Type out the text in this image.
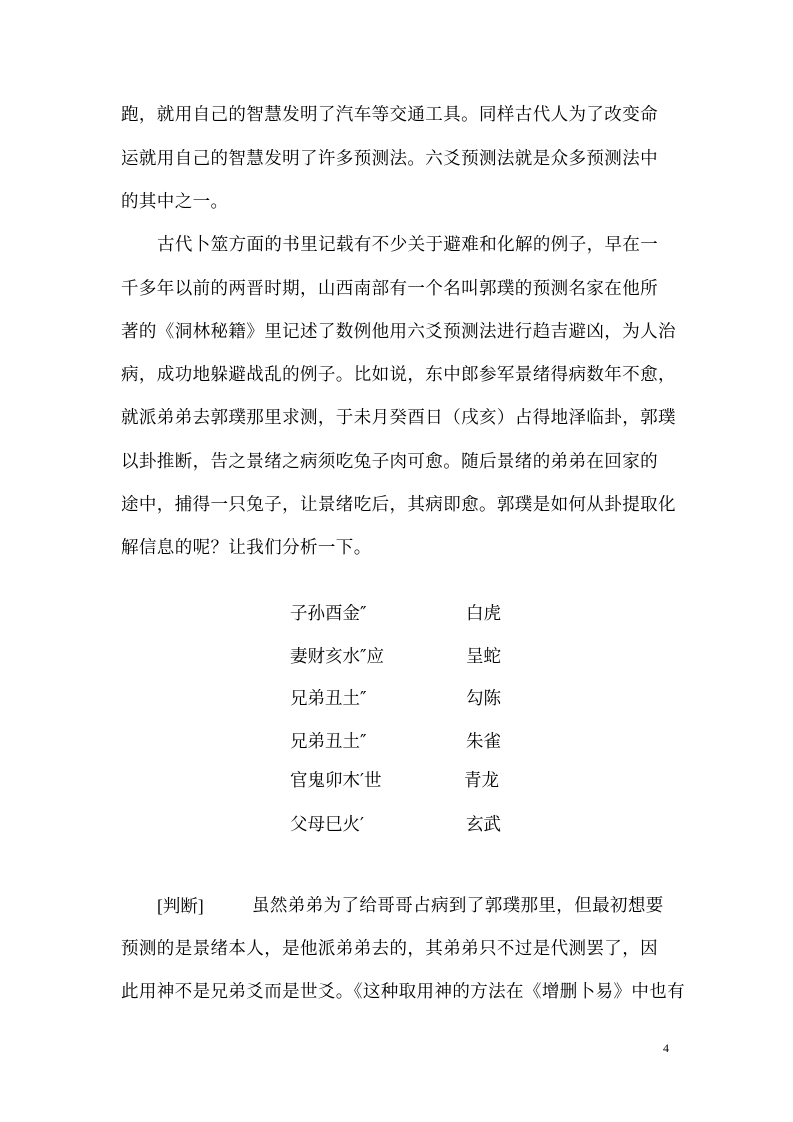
跑，就用自己的智慧发明了汽车等交通工具。同样古代人为了改变命
运就用自己的智慧发明了许多预测法。六爻预测法就是众多预测法中
的其中之一。
古代卜筮方面的书里记载有不少关于避难和化解的例子，早在一
千多年以前的两晋时期，山西南部有一个名叫郭璞的预测名家在他所
著的《洞林秘籍》里记述了数例他用六爻预测法进行趋吉避凶，为人治
病，成功地躲避战乱的例子。比如说，东中郎参军景绪得病数年不愈，
就派弟弟去郭璞那里求测，于未月癸酉日（戌亥）占得地泽临卦，郭璞
以卦推断，告之景绪之病须吃兔子肉可愈。随后景绪的弟弟在回家的
途中，捕得一只兔子，让景绪吃后，其病即愈。郭璞是如何从卦提取化
解信息的呢？让我们分析一下。
子孙酉金″	白虎
妻财亥水″应	呈蛇
兄弟丑土″	勾陈
兄弟丑土″	朱雀
官鬼卯木′世	青龙
父母巳火′	玄武
[判断]	虽然弟弟为了给哥哥占病到了郭璞那里，但最初想要
预测的是景绪本人，是他派弟弟去的，其弟弟只不过是代测罢了，因
此用神不是兄弟爻而是世爻。《这种取用神的方法在《增删卜易》中也有
4
